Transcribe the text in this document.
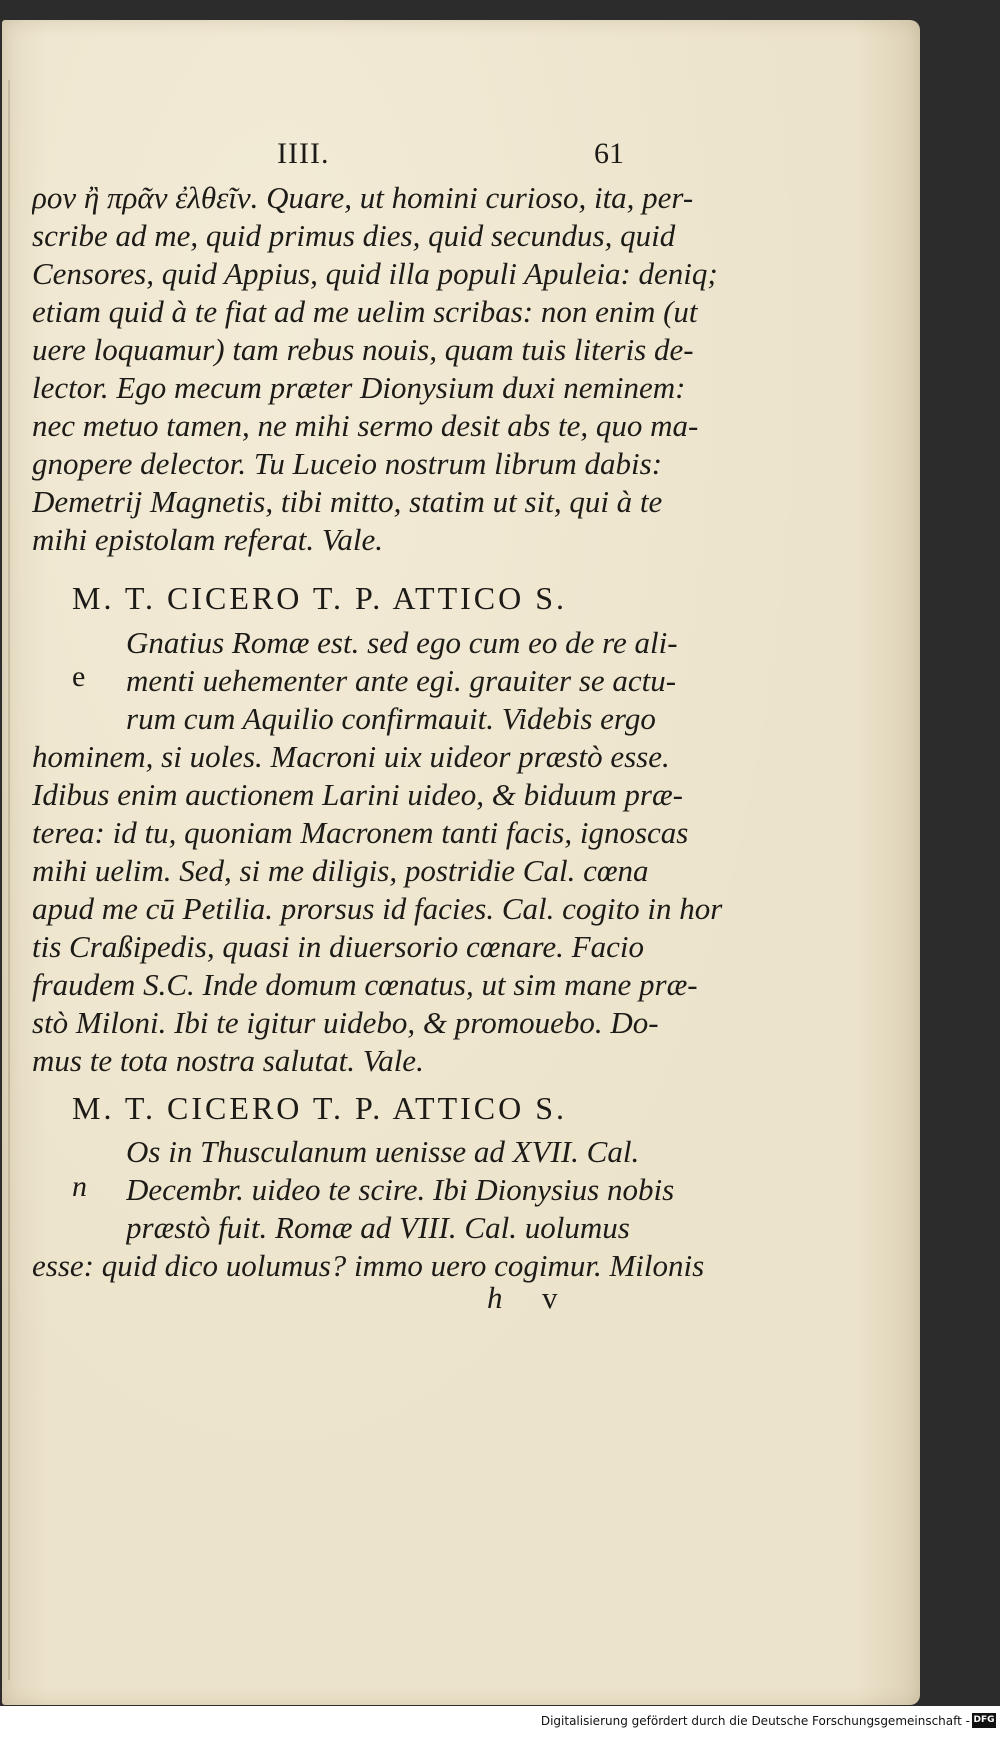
IIII.	61
ρον ἢ πρᾶν ἐλθεῖν. Quare, ut homini curioso, ita, per-
scribe ad me, quid primus dies, quid secundus, quid
Censores, quid Appius, quid illa populi Apuleia: deniq;
etiam quid à te fiat ad me uelim scribas: non enim (ut
uere loquamur) tam rebus nouis, quam tuis literis de-
lector. Ego mecum præter Dionysium duxi neminem:
nec metuo tamen, ne mihi sermo desit abs te, quo ma-
gnopere delector. Tu Luceio nostrum librum dabis:
Demetrij Magnetis, tibi mitto, statim ut sit, qui à te
mihi epistolam referat. Vale.
M. T. CICERO T. P. ATTICO S.
e
Gnatius Romæ est. sed ego cum eo de re ali-
menti uehementer ante egi. grauiter se actu-
rum cum Aquilio confirmauit. Videbis ergo
hominem, si uoles. Macroni uix uideor præstò esse.
Idibus enim auctionem Larini uideo, & biduum præ-
terea: id tu, quoniam Macronem tanti facis, ignoscas
mihi uelim. Sed, si me diligis, postridie Cal. cœna
apud me cū Petilia. prorsus id facies. Cal. cogito in hor
tis Craßipedis, quasi in diuersorio cœnare. Facio
fraudem S.C. Inde domum cœnatus, ut sim mane præ-
stò Miloni. Ibi te igitur uidebo, & promouebo. Do-
mus te tota nostra salutat. Vale.
M. T. CICERO T. P. ATTICO S.
n
Os in Thusculanum uenisse ad XVII. Cal.
Decembr. uideo te scire. Ibi Dionysius nobis
præstò fuit. Romæ ad VIII. Cal. uolumus
esse: quid dico uolumus? immo uero cogimur. Milonis
h v
Digitalisierung gefördert durch die Deutsche Forschungsgemeinschaft - DFG
